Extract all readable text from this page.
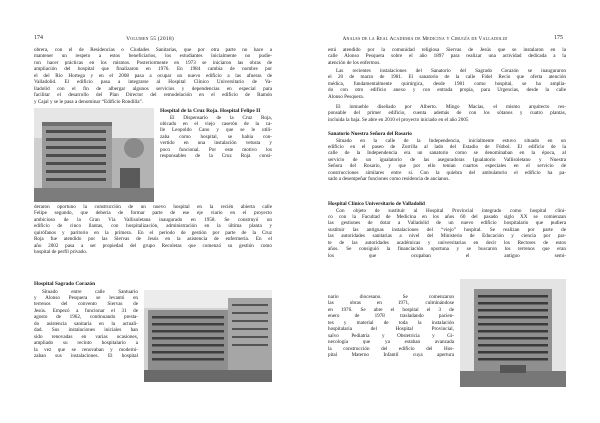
174	Volumen 55 (2018)
obrera, con el de Residencias o Ciudades Sanitarias, que por otra parte no hace a
mantener un respeto a estos beneficiarios, los estudiantes inicialmente no pudie-
ron hacer prácticas en los mismos. Posteriormente en 1973 se iniciaron las obras de
ampliación del hospital que finalizaron en 1976. En 1984 cambia de nombre por
el del Río Hortega y en el 2008 pasa a ocupar un nuevo edificio a las afueras de
Valladolid. El edificio pasa a integrarse al Hospital Clínico Universitario de Va-
lladolid con el fin de albergar algunos servicios y dependencias en especial para
facilitar el desarrollo del Plan Director del remodelación en el edificio de Ramón
y Cajal y se le pasa a denominar “Edificio Rondilla”.
Hospital de la Cruz Roja. Hospital Felipe II
El Dispensario de la Cruz Roja,
ubicado en el viejo caserón de la ca-
lle Leopoldo Cano y que se le utili-
zaba como hospital, se había con-
vertido en una instalación vetusta y
poco funcional. Por este motivo los
responsables de la Cruz Roja consi-
deraron oportuno la construcción de un nuevo hospital en la recién abierta calle
Felipe segundo, que debería de formar parte de ese eje viario en el proyecto
ambicioso de la Gran Vía Vallisoletana inaugurado en 1958. Se construyó un
edificio de cinco llantas, con hospitalización, administración en la última planta y
quirófanos y paritorio en la primera. En el periodo de gestión por parte de la Cruz
Roja fue atendido por las Siervas de Jesús en la asistencia de enfermería. En el
año 2002 pasa a ser propiedad del grupo Recoletas que comenzó su gestión como
hospital de perfil privado.
Hospital Sagrado Corazón
Situado entre calle Santuario
y Alonso Pesquera se levantó en
terrenos del convento Siervas de
Jesús. Empezó a funcionar el 31 de
agosto de 1962, continuando presta-
do asistencia sanitaria en la actuali-
dad. Sus instalaciones iniciales han
sido renovadas en varias ocasiones,
ampliado su recinto hospitalario a
la vez que se renovaban y moderni-
zaban sus instalaciones. El hospital
Anales de la Real Academia de Medicina y Cirugía de Valladolid	175
está atendido por la comunidad religiosa Siervas de Jesús que se instalaron en la
calle Alonso Pesquera sobre el año 1897 para realizar una actividad dedicada a la
atención de los enfermos.
Las recientes instalaciones del Sanatorio del Sagrado Corazón se inauguraron
el 20 de marzo de 1981. El sanatorio de la calle Fidel Recio que oferta atención
médica, fundamentalmente quirúrgica, desde 1981 como hospital, se ha amplia-
do con otro edificio anexo y con entrada propia, para Urgencias, desde la calle
Alonso Pesquera.
El inmueble diseñado por Alberto. Mingo Macías, el mismo arquitecto res-
ponsable del primer edificio, cuenta además de con los sótanos y cuatro plantas,
incluida la baja. Se abre en 2010 el proyecto iniciado en el año 2005
Sanatorio Nuestra Señora del Rosario
Situado en la calle de la Independencia, inicialmente estuvo situado en un
edificio en el paseo de Zorrilla al lado del Estadio de Fútbol. El edificio de la
calle de la Independencia era un sanatorio como se denominaban en la época, al
servicio de un igualatorio de las aseguradoras Igualatorio Vallisoletano y Nuestra
Señora del Rosario, y que por ello tenían cuartos especiales en el servicio de
construcciones similares entre sí. Con la quiebra del ambulatorio el edificio ha pa-
sado a desempeñar funciones como residencia de ancianos.
Hospital Clínico Universitario de Valladolid
Con objeto de sustituir al Hospital Provincial integrado como hospital clíni-
co con la Facultad de Medicina en los años 60 del pasado siglo XX se comienzan
las gestiones de dotar a Valladolid de un nuevo edificio hospitalario que pudiera
sustituir las antiguas instalaciones del “viejo” hospital. Se realizan por parte de
las autoridades sanitarias a nivel del Ministerio de Educación y ciencia por par-
te de las autoridades académicas y universitarias en decir los Rectores de estos
años. Se consiguió la financiación oportuna y se buscaron los terrenos que eran
los que ocupaban el antiguo semi-
nario diocesano. Se comenzaron
las obras en 1971, culminándose
en 1976. Se abre el hospital el 3 de
enero de 1978 trasladando pacien-
tes y material de toda la instalación
hospitalaria del Hospital Provincial,
salvo Pediatría y Obstetricia y Gi-
necología que ya estaban avanzada
la construcción del edificio del Hos-
pital Materno Infantil cuya apertura
